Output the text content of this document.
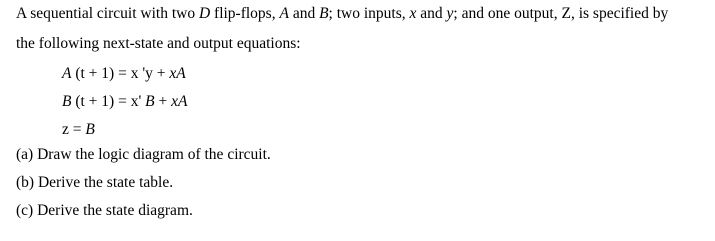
A sequential circuit with two D flip-flops, A and B; two inputs, x and y; and one output, Z, is specified by
the following next-state and output equations:
A (t + 1) = x 'y + xA
B (t + 1) = x' B + xA
z = B
(a) Draw the logic diagram of the circuit.
(b) Derive the state table.
(c) Derive the state diagram.
